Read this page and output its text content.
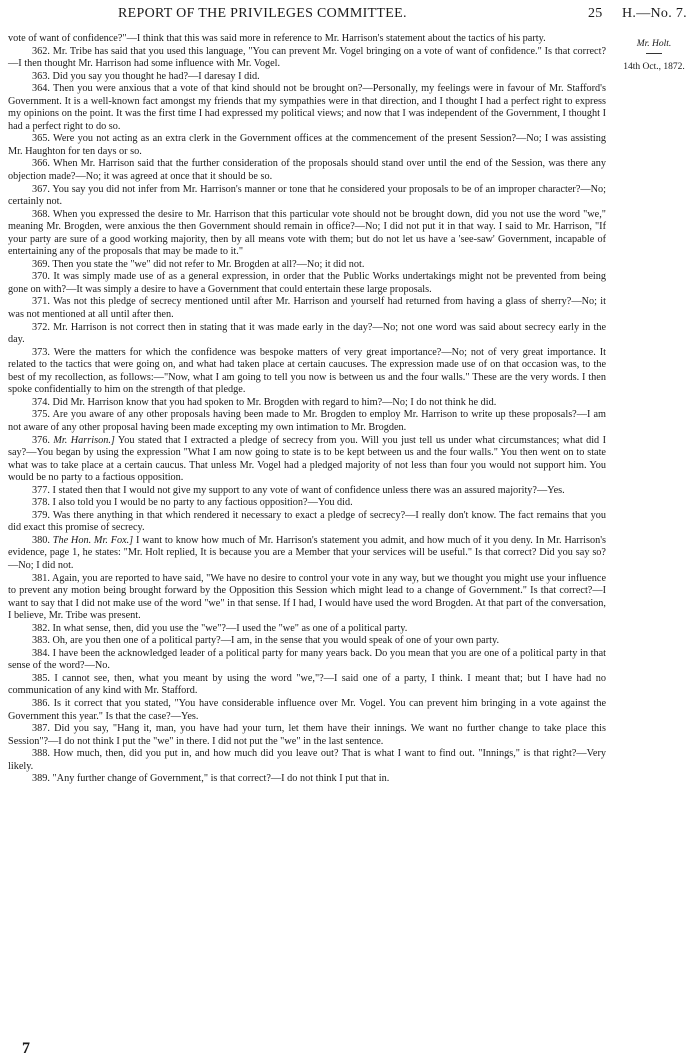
REPORT OF THE PRIVILEGES COMMITTEE.	25 H.—No. 7.
Mr. Holt.
14th Oct., 1872.

vote of want of confidence?"—I think that this was said more in reference to Mr. Harrison's statement about the tactics of his party.

362. Mr. Tribe has said that you used this language, "You can prevent Mr. Vogel bringing on a vote of want of confidence." Is that correct?—I then thought Mr. Harrison had some influence with Mr. Vogel.

363. Did you say you thought he had?—I daresay I did.

364. Then you were anxious that a vote of that kind should not be brought on?—Personally, my feelings were in favour of Mr. Stafford's Government. It is a well-known fact amongst my friends that my sympathies were in that direction, and I thought I had a perfect right to express my opinions on the point. It was the first time I had expressed my political views; and now that I was independent of the Government, I thought I had a perfect right to do so.

365. Were you not acting as an extra clerk in the Government offices at the commencement of the present Session?—No; I was assisting Mr. Haughton for ten days or so.

366. When Mr. Harrison said that the further consideration of the proposals should stand over until the end of the Session, was there any objection made?—No; it was agreed at once that it should be so.

367. You say you did not infer from Mr. Harrison's manner or tone that he considered your proposals to be of an improper character?—No; certainly not.

368. When you expressed the desire to Mr. Harrison that this particular vote should not be brought down, did you not use the word "we," meaning Mr. Brogden, were anxious the then Government should remain in office?—No; I did not put it in that way. I said to Mr. Harrison, "If your party are sure of a good working majority, then by all means vote with them; but do not let us have a 'see-saw' Government, incapable of entertaining any of the proposals that may be made to it."

369. Then you state the "we" did not refer to Mr. Brogden at all?—No; it did not.

370. It was simply made use of as a general expression, in order that the Public Works undertakings might not be prevented from being gone on with?—It was simply a desire to have a Government that could entertain these large proposals.

371. Was not this pledge of secrecy mentioned until after Mr. Harrison and yourself had returned from having a glass of sherry?—No; it was not mentioned at all until after then.

372. Mr. Harrison is not correct then in stating that it was made early in the day?—No; not one word was said about secrecy early in the day.

373. Were the matters for which the confidence was bespoke matters of very great importance?—No; not of very great importance. It related to the tactics that were going on, and what had taken place at certain caucuses. The expression made use of on that occasion was, to the best of my recollection, as follows:—"Now, what I am going to tell you now is between us and the four walls." These are the very words. I then spoke confidentially to him on the strength of that pledge.

374. Did Mr. Harrison know that you had spoken to Mr. Brogden with regard to him?—No; I do not think he did.

375. Are you aware of any other proposals having been made to Mr. Brogden to employ Mr. Harrison to write up these proposals?—I am not aware of any other proposal having been made excepting my own intimation to Mr. Brogden.

376. Mr. Harrison.] You stated that I extracted a pledge of secrecy from you. Will you just tell us under what circumstances; what did I say?—You began by using the expression "What I am now going to state is to be kept between us and the four walls." You then went on to state what was to take place at a certain caucus. That unless Mr. Vogel had a pledged majority of not less than four you would not support him. You would be no party to a factious opposition.

377. I stated then that I would not give my support to any vote of want of confidence unless there was an assured majority?—Yes.

378. I also told you I would be no party to any factious opposition?—You did.

379. Was there anything in that which rendered it necessary to exact a pledge of secrecy?—I really don't know. The fact remains that you did exact this promise of secrecy.

380. The Hon. Mr. Fox.] I want to know how much of Mr. Harrison's statement you admit, and how much of it you deny. In Mr. Harrison's evidence, page 1, he states: "Mr. Holt replied, It is because you are a Member that your services will be useful." Is that correct? Did you say so?—No; I did not.

381. Again, you are reported to have said, "We have no desire to control your vote in any way, but we thought you might use your influence to prevent any motion being brought forward by the Opposition this Session which might lead to a change of Government." Is that correct?—I want to say that I did not make use of the word "we" in that sense. If I had, I would have used the word Brogden. At that part of the conversation, I believe, Mr. Tribe was present.

382. In what sense, then, did you use the "we"?—I used the "we" as one of a political party.

383. Oh, are you then one of a political party?—I am, in the sense that you would speak of one of your own party.

384. I have been the acknowledged leader of a political party for many years back. Do you mean that you are one of a political party in that sense of the word?—No.

385. I cannot see, then, what you meant by using the word "we,"?—I said one of a party, I think. I meant that; but I have had no communication of any kind with Mr. Stafford.

386. Is it correct that you stated, "You have considerable influence over Mr. Vogel. You can prevent him bringing in a vote against the Government this year." Is that the case?—Yes.

387. Did you say, "Hang it, man, you have had your turn, let them have their innings. We want no further change to take place this Session"?—I do not think I put the "we" in there. I did not put the "we" in the last sentence.

388. How much, then, did you put in, and how much did you leave out? That is what I want to find out. "Innings," is that right?—Very likely.

389. "Any further change of Government," is that correct?—I do not think I put that in.

7
